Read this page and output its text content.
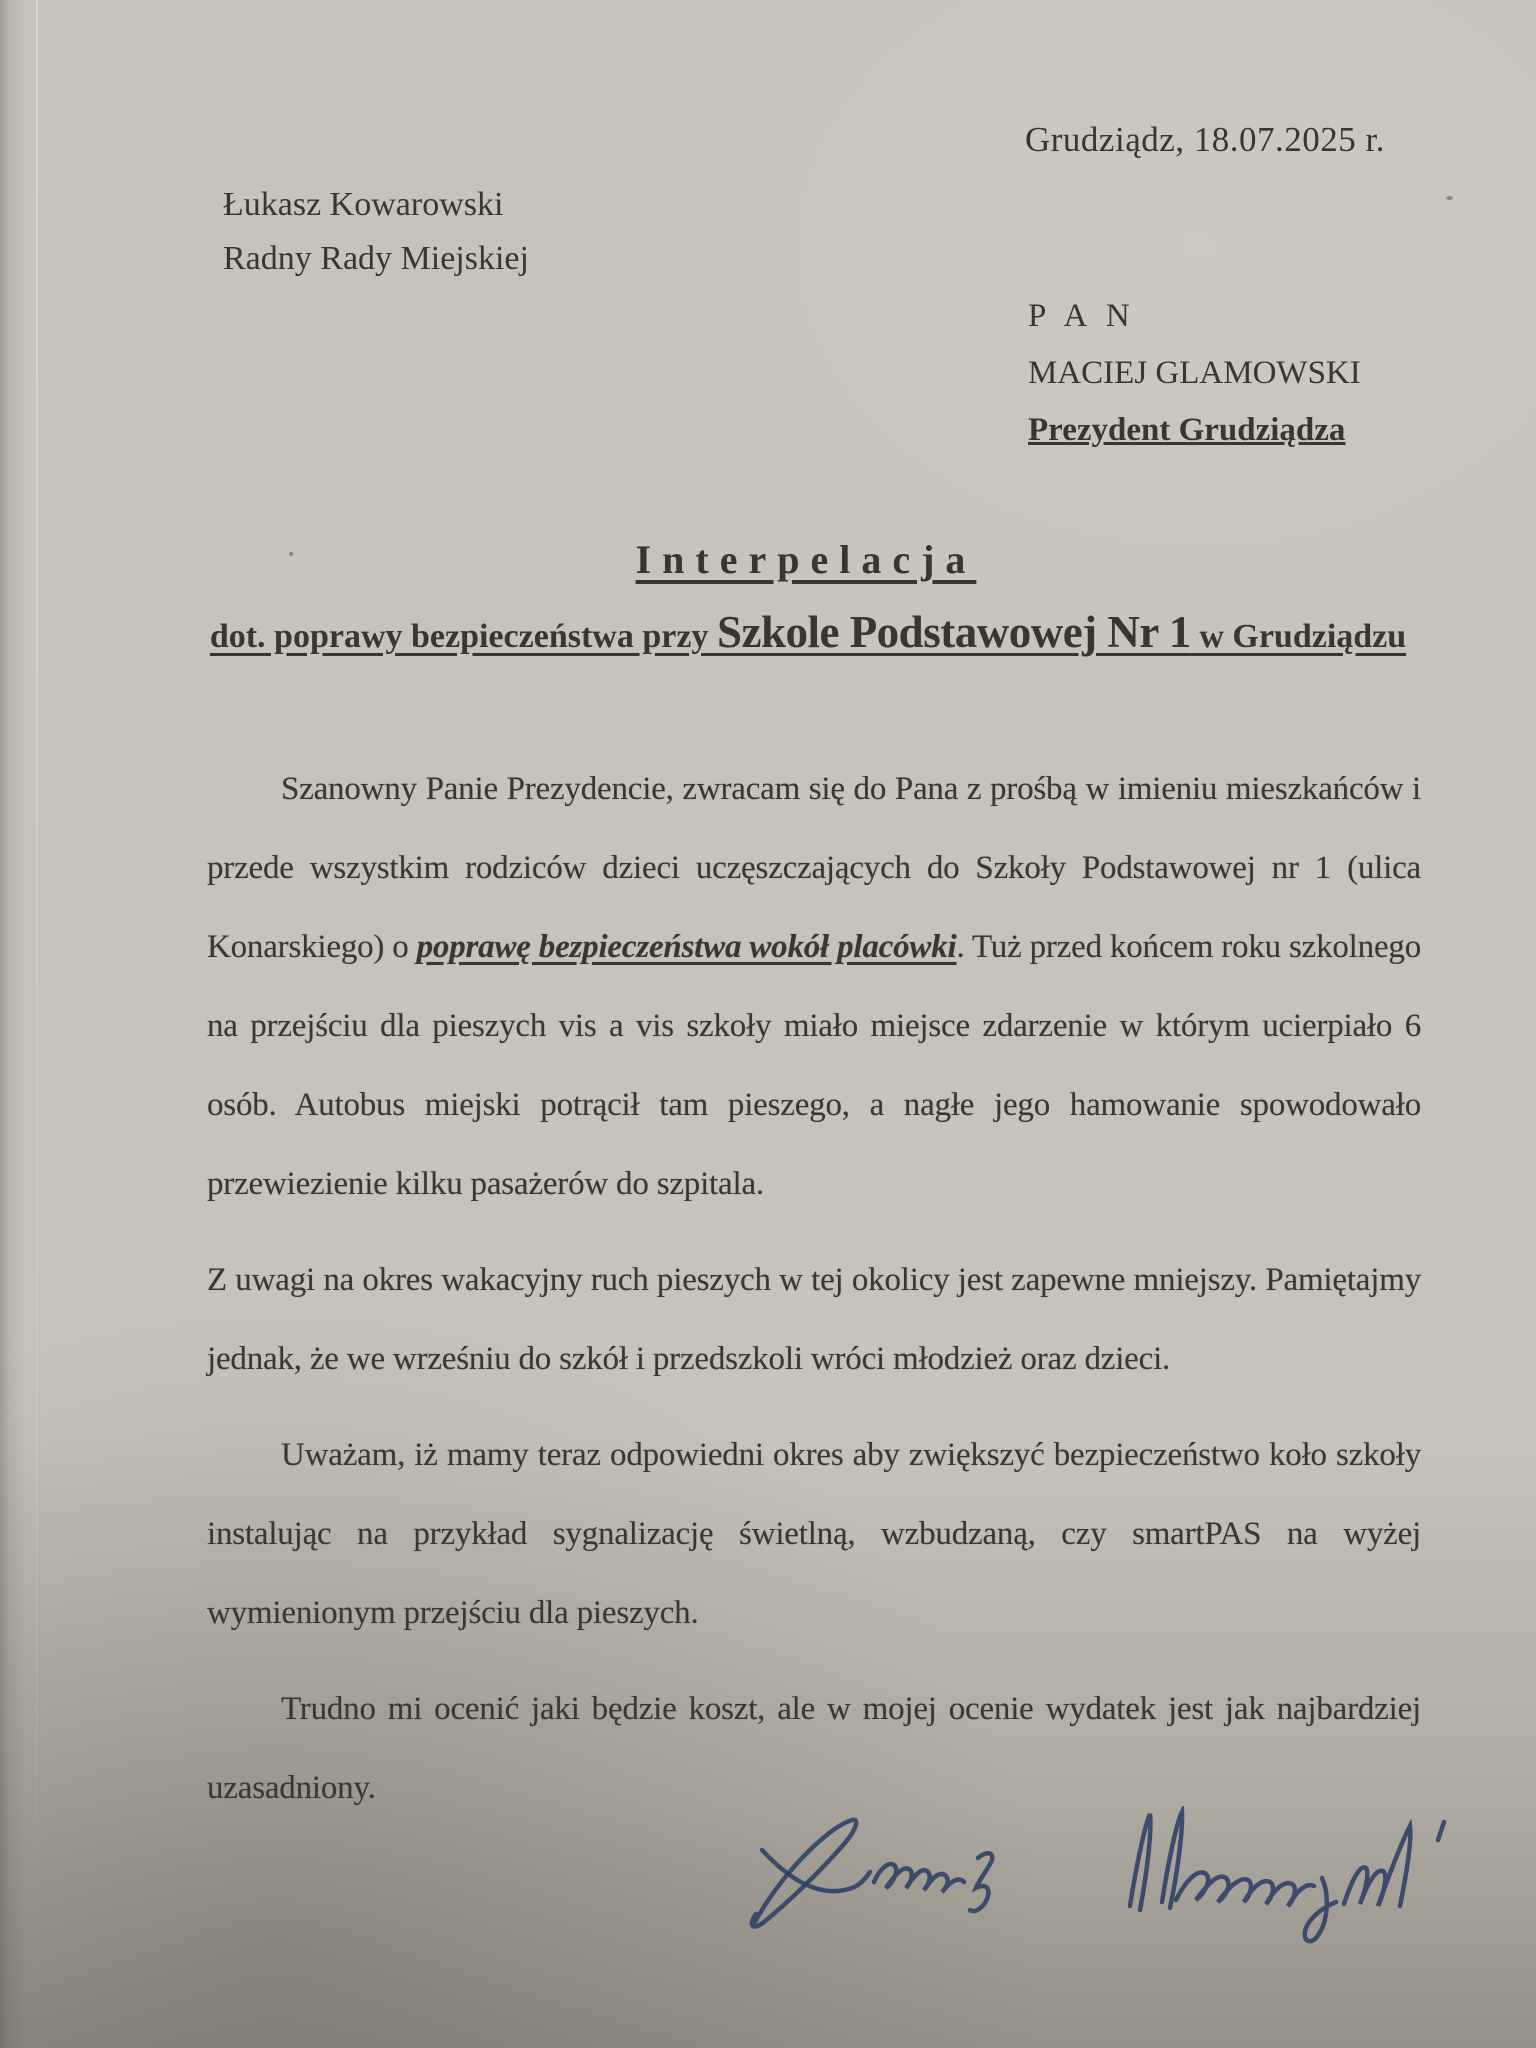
Grudziądz, 18.07.2025 r.
Łukasz Kowarowski
Radny Rady Miejskiej
P A N
MACIEJ GLAMOWSKI
Prezydent Grudziądza
Interpelacja
dot. poprawy bezpieczeństwa przy Szkole Podstawowej Nr 1 w Grudziądzu

Szanowny Panie Prezydencie, zwracam się do Pana z prośbą w imieniu mieszkańców i przede wszystkim rodziców dzieci uczęszczających do Szkoły Podstawowej nr 1 (ulica Konarskiego) o poprawę bezpieczeństwa wokół placówki. Tuż przed końcem roku szkolnego na przejściu dla pieszych vis a vis szkoły miało miejsce zdarzenie w którym ucierpiało 6 osób. Autobus miejski potrącił tam pieszego, a nagłe jego hamowanie spowodowało przewiezienie kilku pasażerów do szpitala.

Z uwagi na okres wakacyjny ruch pieszych w tej okolicy jest zapewne mniejszy. Pamiętajmy jednak, że we wrześniu do szkół i przedszkoli wróci młodzież oraz dzieci.

Uważam, iż mamy teraz odpowiedni okres aby zwiększyć bezpieczeństwo koło szkoły instalując na przykład sygnalizację świetlną, wzbudzaną, czy smartPAS na wyżej wymienionym przejściu dla pieszych.

Trudno mi ocenić jaki będzie koszt, ale w mojej ocenie wydatek jest jak najbardziej uzasadniony.
